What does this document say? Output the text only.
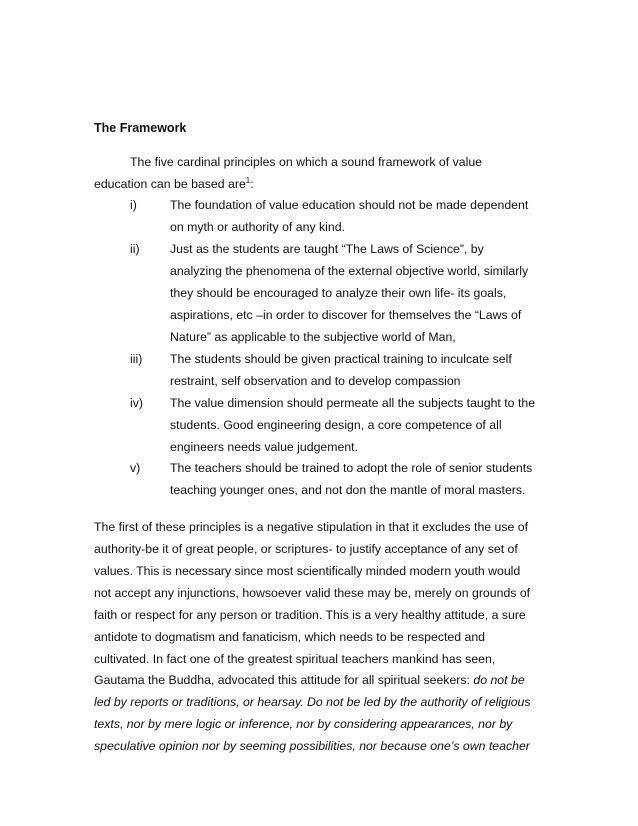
The Framework
The five cardinal principles on which a sound framework of value
education can be based are$^1$:
i)	The foundation of value education should not be made dependent
on myth or authority of any kind.
ii) Just as the students are taught “The Laws of Science”, by
analyzing the phenomena of the external objective world, similarly
they should be encouraged to analyze their own life- its goals,
aspirations, etc –in order to discover for themselves the “Laws of
Nature” as applicable to the subjective world of Man,
iii) The students should be given practical training to inculcate self
restraint, self observation and to develop compassion
iv) The value dimension should permeate all the subjects taught to the
students. Good engineering design, a core competence of all
engineers needs value judgement.
v) The teachers should be trained to adopt the role of senior students
teaching younger ones, and not don the mantle of moral masters.
The first of these principles is a negative stipulation in that it excludes the use of
authority-be it of great people, or scriptures- to justify acceptance of any set of
values. This is necessary since most scientifically minded modern youth would
not accept any injunctions, howsoever valid these may be, merely on grounds of
faith or respect for any person or tradition. This is a very healthy attitude, a sure
antidote to dogmatism and fanaticism, which needs to be respected and
cultivated. In fact one of the greatest spiritual teachers mankind has seen,
Gautama the Buddha, advocated this attitude for all spiritual seekers: do not be
led by reports or traditions, or hearsay. Do not be led by the authority of religious
texts, nor by mere logic or inference, nor by considering appearances, nor by
speculative opinion nor by seeming possibilities, nor because one’s own teacher
